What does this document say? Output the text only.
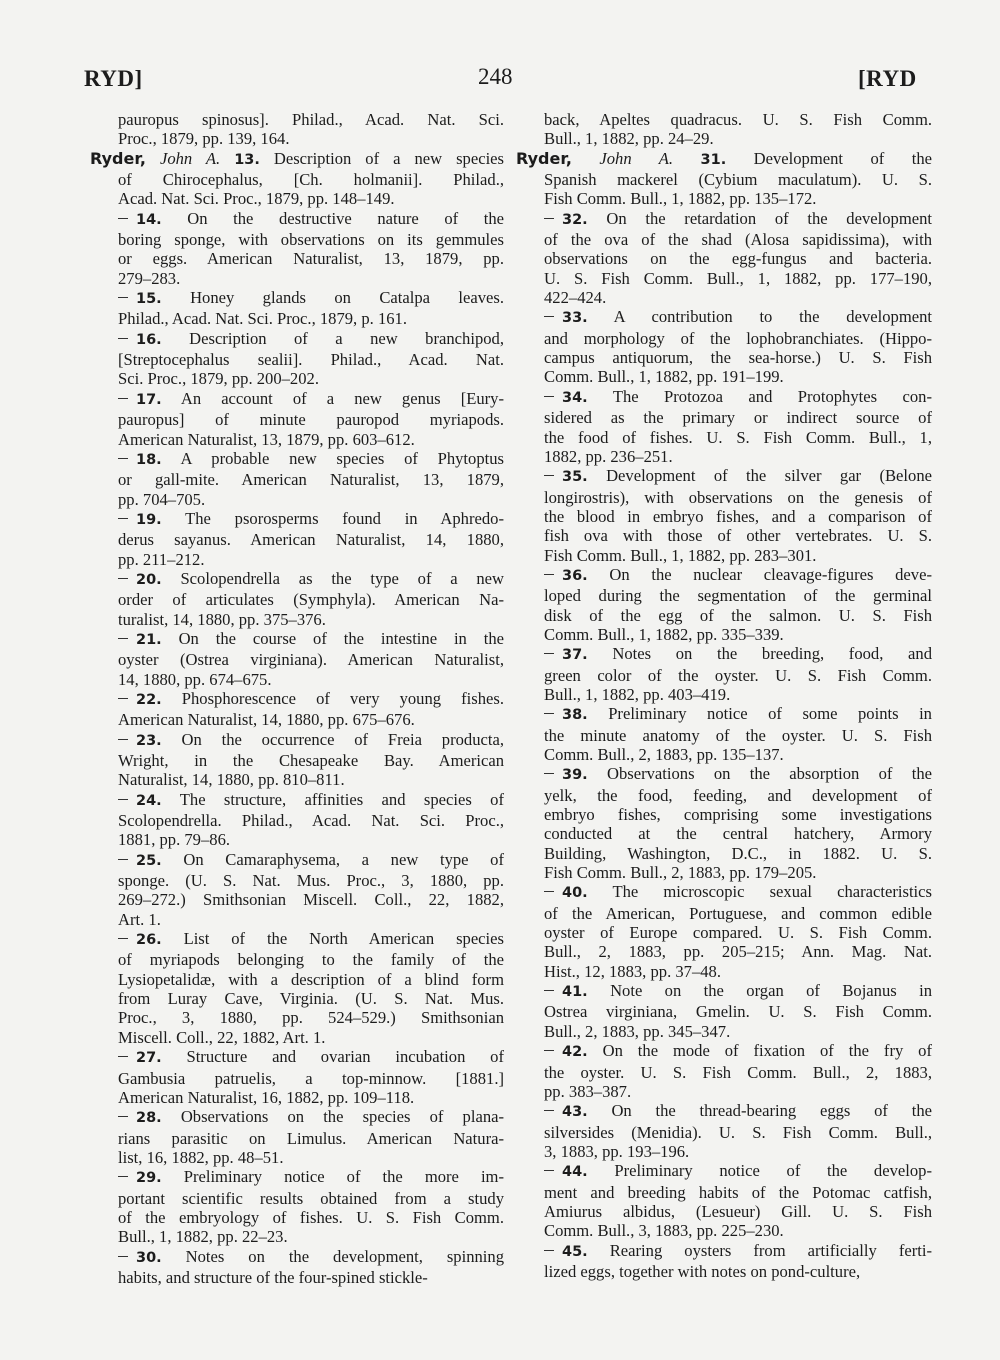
RYD]	248	[RYD
pauropus spinosus]. Philad., Acad. Nat. Sci.
Proc., 1879, pp. 139, 164.
Ryder, John A. 13. Description of a new species
of Chirocephalus, [Ch. holmanii]. Philad.,
Acad. Nat. Sci. Proc., 1879, pp. 148–149.
14. On the destructive nature of the
boring sponge, with observations on its gemmules
or eggs. American Naturalist, 13, 1879, pp.
279–283.
15. Honey glands on Catalpa leaves.
Philad., Acad. Nat. Sci. Proc., 1879, p. 161.
16. Description of a new branchipod,
[Streptocephalus sealii]. Philad., Acad. Nat.
Sci. Proc., 1879, pp. 200–202.
17. An account of a new genus [Eury-
pauropus] of minute pauropod myriapods.
American Naturalist, 13, 1879, pp. 603–612.
18. A probable new species of Phytoptus
or gall-mite. American Naturalist, 13, 1879,
pp. 704–705.
19. The psorosperms found in Aphredo-
derus sayanus. American Naturalist, 14, 1880,
pp. 211–212.
20. Scolopendrella as the type of a new
order of articulates (Symphyla). American Na-
turalist, 14, 1880, pp. 375–376.
21. On the course of the intestine in the
oyster (Ostrea virginiana). American Naturalist,
14, 1880, pp. 674–675.
22. Phosphorescence of very young fishes.
American Naturalist, 14, 1880, pp. 675–676.
23. On the occurrence of Freia producta,
Wright, in the Chesapeake Bay. American
Naturalist, 14, 1880, pp. 810–811.
24. The structure, affinities and species of
Scolopendrella. Philad., Acad. Nat. Sci. Proc.,
1881, pp. 79–86.
25. On Camaraphysema, a new type of
sponge. (U. S. Nat. Mus. Proc., 3, 1880, pp.
269–272.) Smithsonian Miscell. Coll., 22, 1882,
Art. 1.
26. List of the North American species
of myriapods belonging to the family of the
Lysiopetalidæ, with a description of a blind form
from Luray Cave, Virginia. (U. S. Nat. Mus.
Proc., 3, 1880, pp. 524–529.) Smithsonian
Miscell. Coll., 22, 1882, Art. 1.
27. Structure and ovarian incubation of
Gambusia patruelis, a top-minnow. [1881.]
American Naturalist, 16, 1882, pp. 109–118.
28. Observations on the species of plana-
rians parasitic on Limulus. American Natura-
list, 16, 1882, pp. 48–51.
29. Preliminary notice of the more im-
portant scientific results obtained from a study
of the embryology of fishes. U. S. Fish Comm.
Bull., 1, 1882, pp. 22–23.
30. Notes on the development, spinning
habits, and structure of the four-spined stickle-
back, Apeltes quadracus. U. S. Fish Comm.
Bull., 1, 1882, pp. 24–29.
Ryder, John A. 31. Development of the
Spanish mackerel (Cybium maculatum). U. S.
Fish Comm. Bull., 1, 1882, pp. 135–172.
32. On the retardation of the development
of the ova of the shad (Alosa sapidissima), with
observations on the egg-fungus and bacteria.
U. S. Fish Comm. Bull., 1, 1882, pp. 177–190,
422–424.
33. A contribution to the development
and morphology of the lophobranchiates. (Hippo-
campus antiquorum, the sea-horse.) U. S. Fish
Comm. Bull., 1, 1882, pp. 191–199.
34. The Protozoa and Protophytes con-
sidered as the primary or indirect source of
the food of fishes. U. S. Fish Comm. Bull., 1,
1882, pp. 236–251.
35. Development of the silver gar (Belone
longirostris), with observations on the genesis of
the blood in embryo fishes, and a comparison of
fish ova with those of other vertebrates. U. S.
Fish Comm. Bull., 1, 1882, pp. 283–301.
36. On the nuclear cleavage-figures deve-
loped during the segmentation of the germinal
disk of the egg of the salmon. U. S. Fish
Comm. Bull., 1, 1882, pp. 335–339.
37. Notes on the breeding, food, and
green color of the oyster. U. S. Fish Comm.
Bull., 1, 1882, pp. 403–419.
38. Preliminary notice of some points in
the minute anatomy of the oyster. U. S. Fish
Comm. Bull., 2, 1883, pp. 135–137.
39. Observations on the absorption of the
yelk, the food, feeding, and development of
embryo fishes, comprising some investigations
conducted at the central hatchery, Armory
Building, Washington, D.C., in 1882. U. S.
Fish Comm. Bull., 2, 1883, pp. 179–205.
40. The microscopic sexual characteristics
of the American, Portuguese, and common edible
oyster of Europe compared. U. S. Fish Comm.
Bull., 2, 1883, pp. 205–215; Ann. Mag. Nat.
Hist., 12, 1883, pp. 37–48.
41. Note on the organ of Bojanus in
Ostrea virginiana, Gmelin. U. S. Fish Comm.
Bull., 2, 1883, pp. 345–347.
42. On the mode of fixation of the fry of
the oyster. U. S. Fish Comm. Bull., 2, 1883,
pp. 383–387.
43. On the thread-bearing eggs of the
silversides (Menidia). U. S. Fish Comm. Bull.,
3, 1883, pp. 193–196.
44. Preliminary notice of the develop-
ment and breeding habits of the Potomac catfish,
Amiurus albidus, (Lesueur) Gill. U. S. Fish
Comm. Bull., 3, 1883, pp. 225–230.
45. Rearing oysters from artificially ferti-
lized eggs, together with notes on pond-culture,
